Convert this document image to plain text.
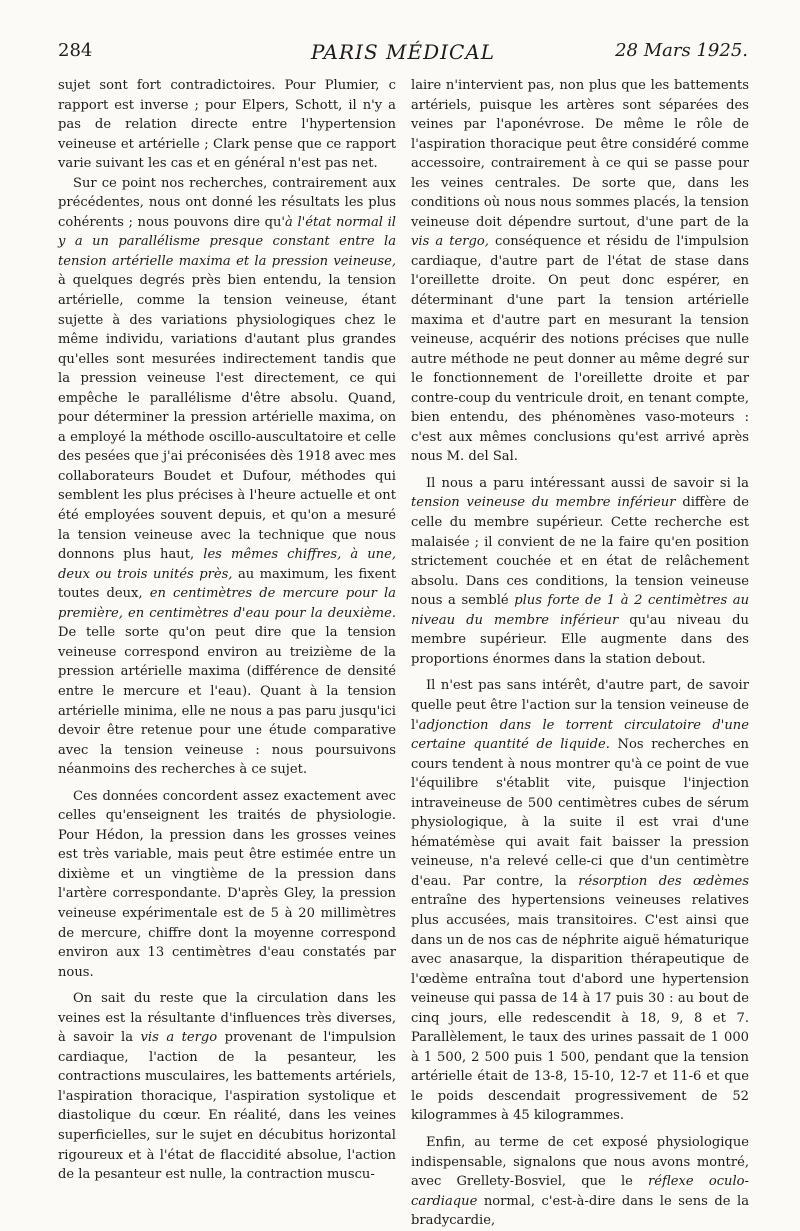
PARIS MÉDICAL
284	28 Mars 1925.

sujet sont fort contradictoires. Pour Plumier, c rapport est inverse ; pour Elpers, Schott, il n'y a pas de relation directe entre l'hypertension veineuse et artérielle ; Clark pense que ce rapport varie suivant les cas et en général n'est pas net.

Sur ce point nos recherches, contrairement aux précédentes, nous ont donné les résultats les plus cohérents ; nous pouvons dire qu'à l'état normal il y a un parallélisme presque constant entre la tension artérielle maxima et la pression veineuse, à quelques degrés près bien entendu, la tension artérielle, comme la tension veineuse, étant sujette à des variations physiologiques chez le même individu, variations d'autant plus grandes qu'elles sont mesurées indirectement tandis que la pression veineuse l'est directement, ce qui empêche le parallélisme d'être absolu. Quand, pour déterminer la pression artérielle maxima, on a employé la méthode oscillo-auscultatoire et celle des pesées que j'ai préconisées dès 1918 avec mes collaborateurs Boudet et Dufour, méthodes qui semblent les plus précises à l'heure actuelle et ont été employées souvent depuis, et qu'on a mesuré la tension veineuse avec la technique que nous donnons plus haut, les mêmes chiffres, à une, deux ou trois unités près, au maximum, les fixent toutes deux, en centimètres de mercure pour la première, en centimètres d'eau pour la deuxième. De telle sorte qu'on peut dire que la tension veineuse correspond environ au treizième de la pression artérielle maxima (différence de densité entre le mercure et l'eau). Quant à la tension artérielle minima, elle ne nous a pas paru jusqu'ici devoir être retenue pour une étude comparative avec la tension veineuse : nous poursuivons néanmoins des recherches à ce sujet.

Ces données concordent assez exactement avec celles qu'enseignent les traités de physiologie. Pour Hédon, la pression dans les grosses veines est très variable, mais peut être estimée entre un dixième et un vingtième de la pression dans l'artère correspondante. D'après Gley, la pression veineuse expérimentale est de 5 à 20 millimètres de mercure, chiffre dont la moyenne correspond environ aux 13 centimètres d'eau constatés par nous.

On sait du reste que la circulation dans les veines est la résultante d'influences très diverses, à savoir la vis a tergo provenant de l'impulsion cardiaque, l'action de la pesanteur, les contractions musculaires, les battements artériels, l'aspiration thoracique, l'aspiration systolique et diastolique du cœur. En réalité, dans les veines superficielles, sur le sujet en décubitus horizontal rigoureux et à l'état de flaccidité absolue, l'action de la pesanteur est nulle, la contraction muscu-

laire n'intervient pas, non plus que les battements artériels, puisque les artères sont séparées des veines par l'aponévrose. De même le rôle de l'aspiration thoracique peut être considéré comme accessoire, contrairement à ce qui se passe pour les veines centrales. De sorte que, dans les conditions où nous nous sommes placés, la tension veineuse doit dépendre surtout, d'une part de la vis a tergo, conséquence et résidu de l'impulsion cardiaque, d'autre part de l'état de stase dans l'oreillette droite. On peut donc espérer, en déterminant d'une part la tension artérielle maxima et d'autre part en mesurant la tension veineuse, acquérir des notions précises que nulle autre méthode ne peut donner au même degré sur le fonctionnement de l'oreillette droite et par contre-coup du ventricule droit, en tenant compte, bien entendu, des phénomènes vaso-moteurs : c'est aux mêmes conclusions qu'est arrivé après nous M. del Sal.

Il nous a paru intéressant aussi de savoir si la tension veineuse du membre inférieur diffère de celle du membre supérieur. Cette recherche est malaisée ; il convient de ne la faire qu'en position strictement couchée et en état de relâchement absolu. Dans ces conditions, la tension veineuse nous a semblé plus forte de 1 à 2 centimètres au niveau du membre inférieur qu'au niveau du membre supérieur. Elle augmente dans des proportions énormes dans la station debout.

Il n'est pas sans intérêt, d'autre part, de savoir quelle peut être l'action sur la tension veineuse de l'adjonction dans le torrent circulatoire d'une certaine quantité de liquide. Nos recherches en cours tendent à nous montrer qu'à ce point de vue l'équilibre s'établit vite, puisque l'injection intraveineuse de 500 centimètres cubes de sérum physiologique, à la suite il est vrai d'une hématémèse qui avait fait baisser la pression veineuse, n'a relevé celle-ci que d'un centimètre d'eau. Par contre, la résorption des œdèmes entraîne des hypertensions veineuses relatives plus accusées, mais transitoires. C'est ainsi que dans un de nos cas de néphrite aiguë hématurique avec anasarque, la disparition thérapeutique de l'œdème entraîna tout d'abord une hypertension veineuse qui passa de 14 à 17 puis 30 : au bout de cinq jours, elle redescendit à 18, 9, 8 et 7. Parallèlement, le taux des urines passait de 1 000 à 1 500, 2 500 puis 1 500, pendant que la tension artérielle était de 13-8, 15-10, 12-7 et 11-6 et que le poids descendait progressivement de 52 kilogrammes à 45 kilogrammes.

Enfin, au terme de cet exposé physiologique indispensable, signalons que nous avons montré, avec Grellety-Bosviel, que le réflexe oculo-cardiaque normal, c'est-à-dire dans le sens de la bradycardie,
